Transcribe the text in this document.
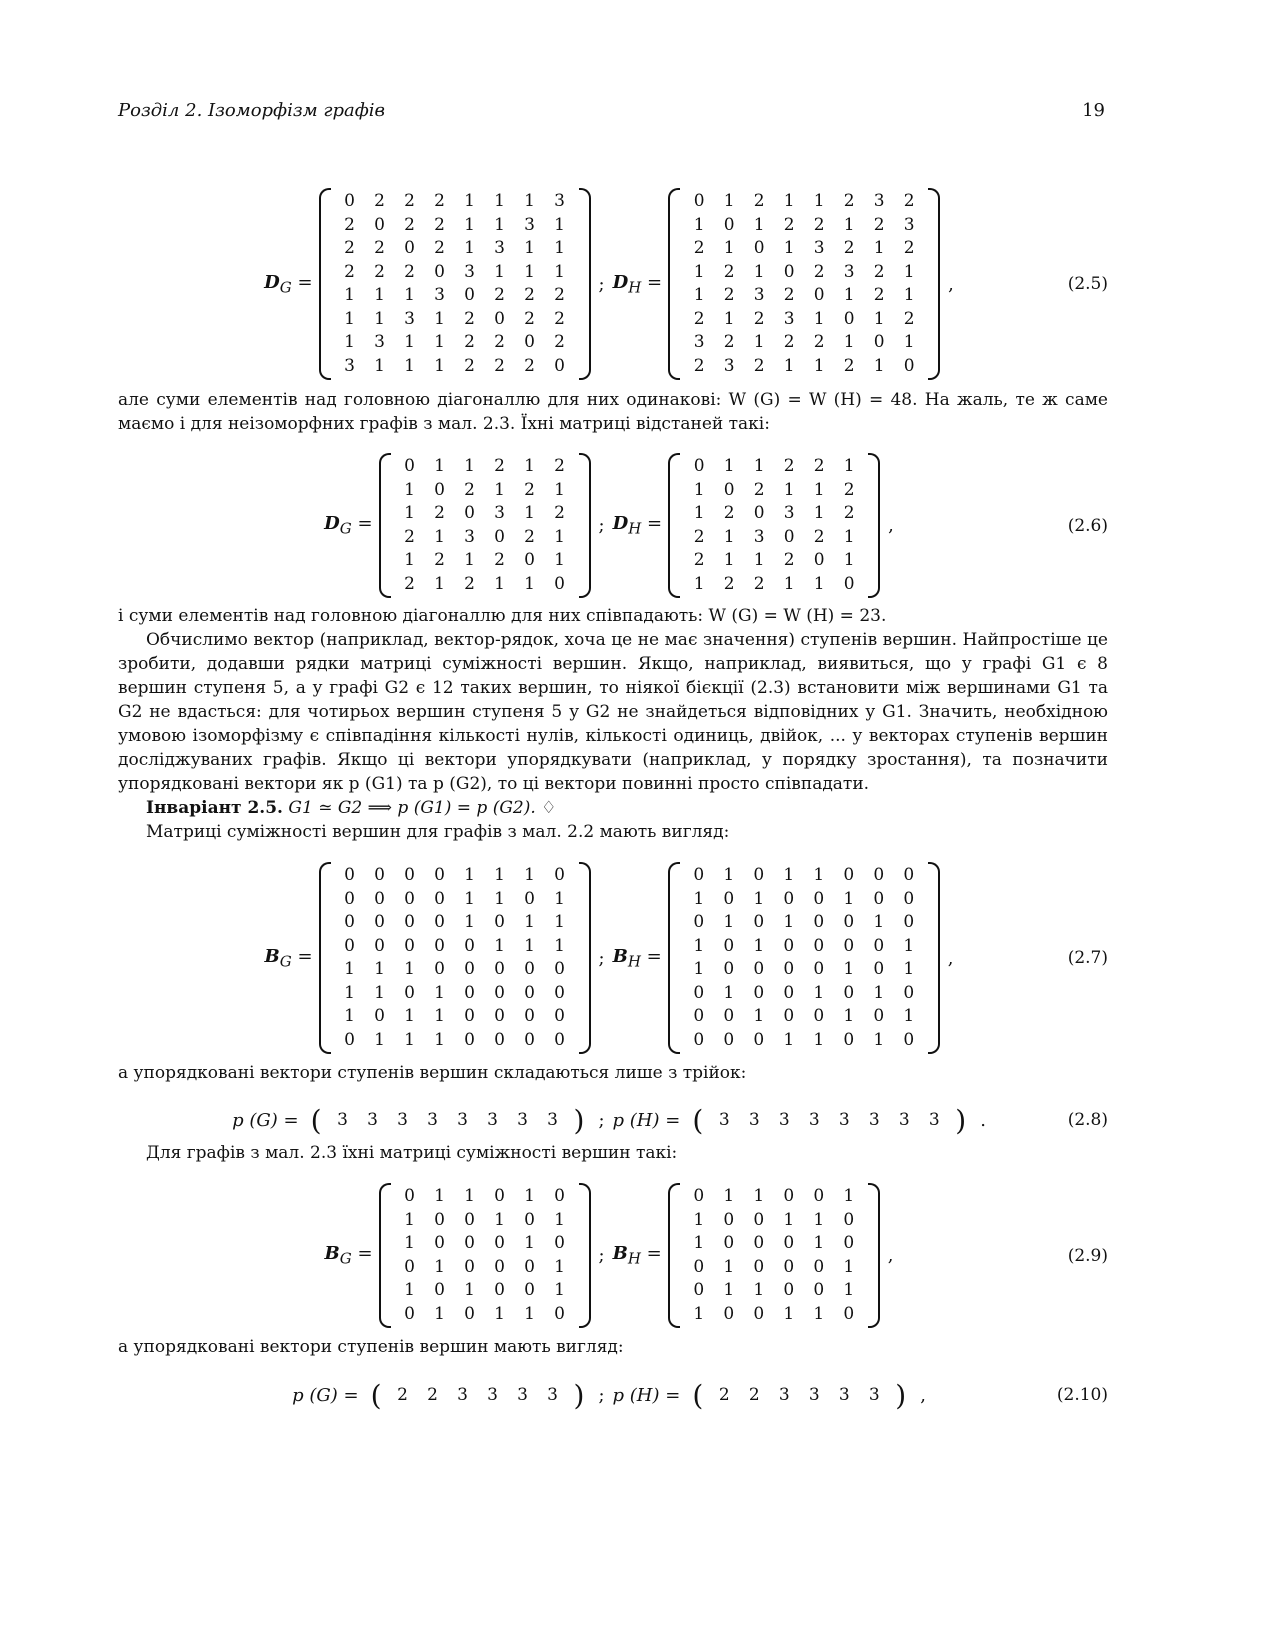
Розділ 2. Ізоморфізм графів	19
$D_G$ =
0	2	2	2	1	1	1	3
2	0	2	2	1	1	3	1
2	2	0	2	1	3	1	1
2	2	2	0	3	1	1	1
1	1	1	3	0	2	2	2
1	1	3	1	2	0	2	2
1	3	1	1	2	2	0	2
3	1	1	1	2	2	2	0
; $D_H$ =
0	1	2	1	1	2	3	2
1	0	1	2	2	1	2	3
2	1	0	1	3	2	1	2
1	2	1	0	2	3	2	1
1	2	3	2	0	1	2	1
2	1	2	3	1	0	1	2
3	2	1	2	2	1	0	1
2	3	2	1	1	2	1	0
,	(2.5)
але суми елементів над головною діагоналлю для них одинакові: W (G) = W (H) = 48. На жаль, те ж саме маємо і для неізоморфних графів з мал. 2.3. Їхні матриці відстаней такі:
$D_G$ =
0	1	1	2	1	2
1	0	2	1	2	1
1	2	0	3	1	2
2	1	3	0	2	1
1	2	1	2	0	1
2	1	2	1	1	0
; $D_H$ =
0	1	1	2	2	1
1	0	2	1	1	2
1	2	0	3	1	2
2	1	3	0	2	1
2	1	1	2	0	1
1	2	2	1	1	0
,	(2.6)
і суми елементів над головною діагоналлю для них співпадають: W (G) = W (H) = 23.
Обчислимо вектор (наприклад, вектор-рядок, хоча це не має значення) ступенів вершин. Найпростіше це зробити, додавши рядки матриці суміжності вершин. Якщо, наприклад, виявиться, що у графі G1 є 8 вершин ступеня 5, а у графі G2 є 12 таких вершин, то ніякої бієкції (2.3) встановити між вершинами G1 та G2 не вдасться: для чотирьох вершин ступеня 5 у G2 не знайдеться відповідних у G1. Значить, необхідною умовою ізоморфізму є співпадіння кількості нулів, кількості одиниць, двійок, ... у векторах ступенів вершин досліджуваних графів. Якщо ці вектори упорядкувати (наприклад, у порядку зростання), та позначити упорядковані вектори як p (G1) та p (G2), то ці вектори повинні просто співпадати.
Інваріант 2.5. G1 ≃ G2 ⟹ p (G1) = p (G2). ♢
Матриці суміжності вершин для графів з мал. 2.2 мають вигляд:
$B_G$ =
0	0	0	0	1	1	1	0
0	0	0	0	1	1	0	1
0	0	0	0	1	0	1	1
0	0	0	0	0	1	1	1
1	1	1	0	0	0	0	0
1	1	0	1	0	0	0	0
1	0	1	1	0	0	0	0
0	1	1	1	0	0	0	0
; $B_H$ =
0	1	0	1	1	0	0	0
1	0	1	0	0	1	0	0
0	1	0	1	0	0	1	0
1	0	1	0	0	0	0	1
1	0	0	0	0	1	0	1
0	1	0	0	1	0	1	0
0	0	1	0	0	1	0	1
0	0	0	1	1	0	1	0
,	(2.7)
а упорядковані вектори ступенів вершин складаються лише з трійок:
p (G) = ( 3	3	3	3	3	3	3	3 ) ; p (H) = ( 3	3	3	3	3	3	3	3 ) .	(2.8)
Для графів з мал. 2.3 їхні матриці суміжності вершин такі:
$B_G$ =
0	1	1	0	1	0
1	0	0	1	0	1
1	0	0	0	1	0
0	1	0	0	0	1
1	0	1	0	0	1
0	1	0	1	1	0
; $B_H$ =
0	1	1	0	0	1
1	0	0	1	1	0
1	0	0	0	1	0
0	1	0	0	0	1
0	1	1	0	0	1
1	0	0	1	1	0
,	(2.9)
а упорядковані вектори ступенів вершин мають вигляд:
p (G) = ( 2	2	3	3	3	3 ) ; p (H) = ( 2	2	3	3	3	3 ) ,	(2.10)
